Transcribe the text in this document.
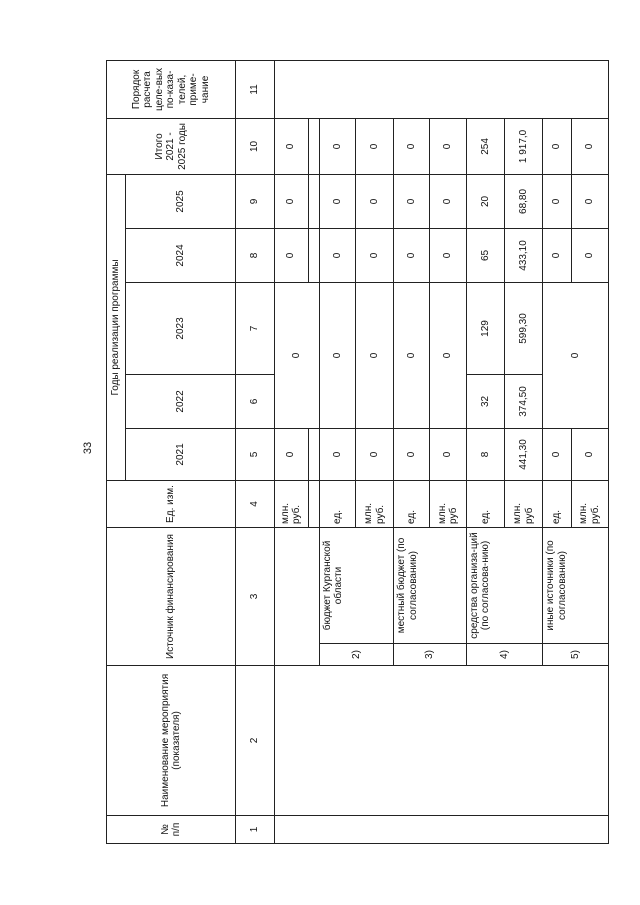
33
№ п/п	Наименование мероприятия (показателя)	Источник финансирования		Ед. изм.	Годы реализации программы					Итого 2021 - 2025 годы	Порядок расчета целе-вых по-каза-телей, приме-чание
					2021	2022	2023	2024	2025		
1	2	3		4	5	6	7	8	9	10	11
				млн. руб.	0	0		0	0	0	

		2)	бюджет Курганской области	ед.	0	0		0	0	0	
				млн. руб.	0	0		0	0	0	
		3)	местный бюджет (по согласованию)	ед.	0	0		0	0	0	
				млн. руб	0	0		0	0	0	
		4)	средства организа-ций (по согласова-нию)	ед.	8	32	129	65	20	254	
				млн. руб	441,30	374,50	599,30	433,10	68,80	1 917,0	
		5)	иные источники (по согласованию)	ед.	0	0		0	0	0	
				млн. руб.	0			0	0	0	
